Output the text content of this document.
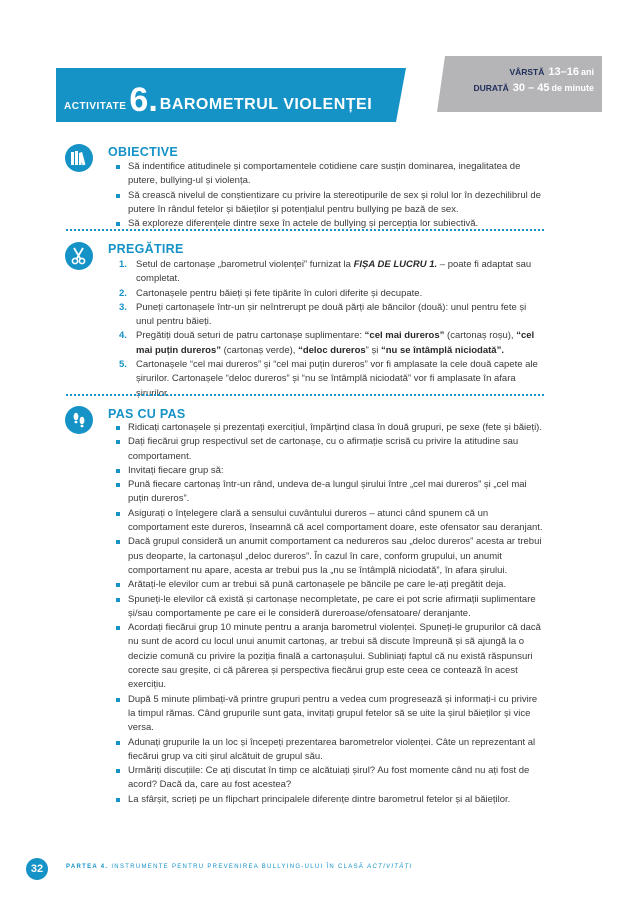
ACTIVITATE 6. BAROMETRUL VIOLENȚEI
VÂRSTĂ 13–16 ani
DURATĂ 30 – 45 de minute
OBIECTIVE
Să indentifice atitudinele și comportamentele cotidiene care susțin dominarea, inegalitatea de putere, bullying-ul și violența.
Să crească nivelul de conștientizare cu privire la stereotipurile de sex și rolul lor în dezechilibrul de putere în rândul fetelor și băieților și potențialul pentru bullying pe bază de sex.
Să exploreze diferențele dintre sexe în actele de bullying și percepția lor subiectivă.
PREGĂTIRE
1. Setul de cartonașe „barometrul violenței” furnizat la FIȘA DE LUCRU 1. – poate fi adaptat sau completat.
2. Cartonașele pentru băieți și fete tipărite în culori diferite și decupate.
3. Puneți cartonașele într-un șir neîntrerupt pe două părți ale băncilor (două): unul pentru fete și unul pentru băieți.
4. Pregătiți două seturi de patru cartonașe suplimentare: “cel mai dureros” (cartonaș roșu), “cel mai puțin dureros” (cartonaș verde), “deloc dureros” și “nu se întâmplă niciodată”.
5. Cartonașele “cel mai dureros” și “cel mai puțin dureros” vor fi amplasate la cele două capete ale șirurilor. Cartonașele “deloc dureros” și “nu se întâmplă niciodată” vor fi amplasate în afara șirurilor.
PAS CU PAS
Ridicați cartonașele și prezentați exercițiul, împărțind clasa în două grupuri, pe sexe (fete și băieți).
Dați fiecărui grup respectivul set de cartonașe, cu o afirmație scrisă cu privire la atitudine sau comportament.
Invitați fiecare grup să:
Pună fiecare cartonaș într-un rând, undeva de-a lungul șirului între „cel mai dureros” și „cel mai puțin dureros”.
Asigurați o înțelegere clară a sensului cuvântului dureros – atunci când spunem că un comportament este dureros, înseamnă că acel comportament doare, este ofensator sau deranjant.
Dacă grupul consideră un anumit comportament ca nedureros sau „deloc dureros” acesta ar trebui pus deoparte, la cartonașul „deloc dureros”. În cazul în care, conform grupului, un anumit comportament nu apare, acesta ar trebui pus la „nu se întâmplă niciodată”, în afara șirului.
Arătați-le elevilor cum ar trebui să pună cartonașele pe băncile pe care le-ați pregătit deja.
Spuneți-le elevilor că există și cartonașe necompletate, pe care ei pot scrie afirmații suplimentare și/sau comportamente pe care ei le consideră dureroase/ofensatoare/ deranjante.
Acordați fiecărui grup 10 minute pentru a aranja barometrul violenței. Spuneți-le grupurilor că dacă nu sunt de acord cu locul unui anumit cartonaș, ar trebui să discute împreună și să ajungă la o decizie comună cu privire la poziția finală a cartonașului. Subliniați faptul că nu există răspunsuri corecte sau greșite, ci că părerea și perspectiva fiecărui grup este ceea ce contează în acest exercițiu.
După 5 minute plimbați-vă printre grupuri pentru a vedea cum progresează și informați-i cu privire la timpul rămas. Când grupurile sunt gata, invitați grupul fetelor să se uite la șirul băieților și vice versa.
Adunați grupurile la un loc și începeți prezentarea barometrelor violenței. Câte un reprezentant al fiecărui grup va citi șirul alcătuit de grupul său.
Urmăriți discuțiile: Ce ați discutat în timp ce alcătuiați șirul? Au fost momente când nu ați fost de acord? Dacă da, care au fost acestea?
La sfârșit, scrieți pe un flipchart principalele diferențe dintre barometrul fetelor și al băieților.
32	PARTEA 4. INSTRUMENTE PENTRU PREVENIREA BULLYING-ULUI ÎN CLASĂ ACTIVITĂȚI
